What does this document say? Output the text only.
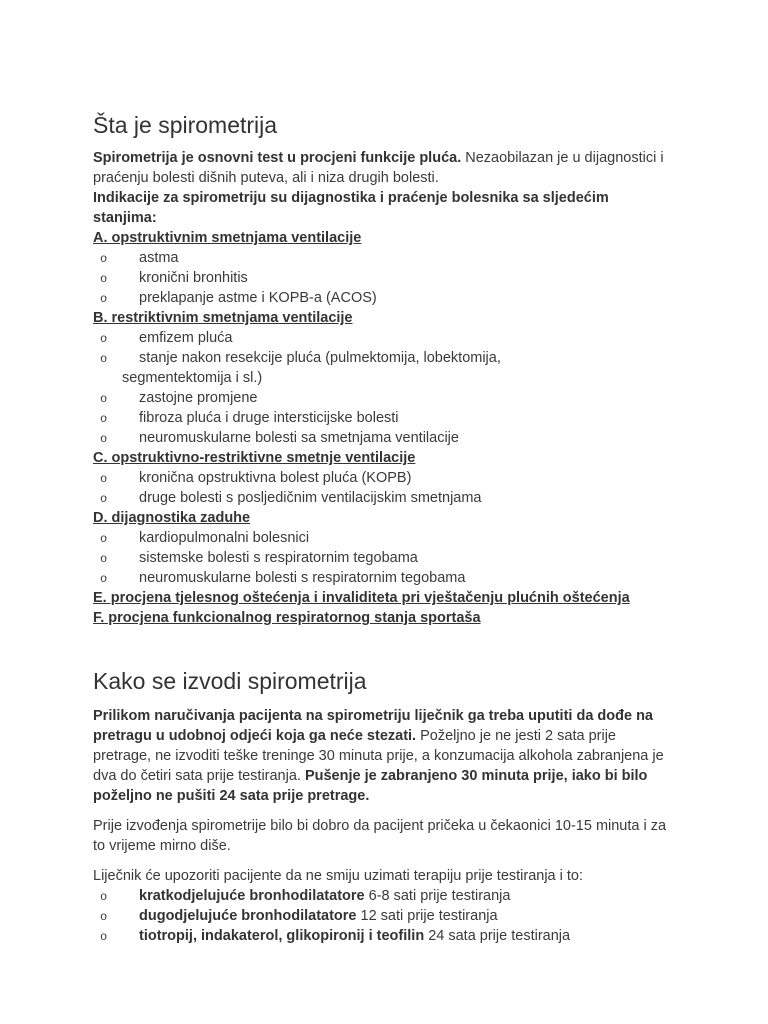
Šta je spirometrija

Spirometrija je osnovni test u procjeni funkcije pluća. Nezaobilazan je u dijagnostici i praćenju bolesti dišnih puteva, ali i niza drugih bolesti.

Indikacije za spirometriju su dijagnostika i praćenje bolesnika sa sljedećim stanjima:

A. opstruktivnim smetnjama ventilacije
o astma
o kronični bronhitis
o preklapanje astme i KOPB-a (ACOS)
B. restriktivnim smetnjama ventilacije
o emfizem pluća
o stanje nakon resekcije pluća (pulmektomija, lobektomija,
segmentektomija i sl.)
o zastojne promjene
o fibroza pluća i druge intersticijske bolesti
o neuromuskularne bolesti sa smetnjama ventilacije
C. opstruktivno-restriktivne smetnje ventilacije
o kronična opstruktivna bolest pluća (KOPB)
o druge bolesti s posljedičnim ventilacijskim smetnjama
D. dijagnostika zaduhe
o kardiopulmonalni bolesnici
o sistemske bolesti s respiratornim tegobama
o neuromuskularne bolesti s respiratornim tegobama
E. procjena tjelesnog oštećenja i invaliditeta pri vještačenju plućnih oštećenja
F. procjena funkcionalnog respiratornog stanja sportaša
Kako se izvodi spirometrija

Prilikom naručivanja pacijenta na spirometriju liječnik ga treba uputiti da dođe na pretragu u udobnoj odjeći koja ga neće stezati. Poželjno je ne jesti 2 sata prije pretrage, ne izvoditi teške treninge 30 minuta prije, a konzumacija alkohola zabranjena je dva do četiri sata prije testiranja. Pušenje je zabranjeno 30 minuta prije, iako bi bilo poželjno ne pušiti 24 sata prije pretrage.

Prije izvođenja spirometrije bilo bi dobro da pacijent pričeka u čekaonici 10-15 minuta i za to vrijeme mirno diše.

Liječnik će upozoriti pacijente da ne smiju uzimati terapiju prije testiranja i to:

o kratkodjelujuće bronhodilatatore 6-8 sati prije testiranja
o dugodjelujuće bronhodilatatore 12 sati prije testiranja
o tiotropij, indakaterol, glikopironij i teofilin 24 sata prije testiranja
